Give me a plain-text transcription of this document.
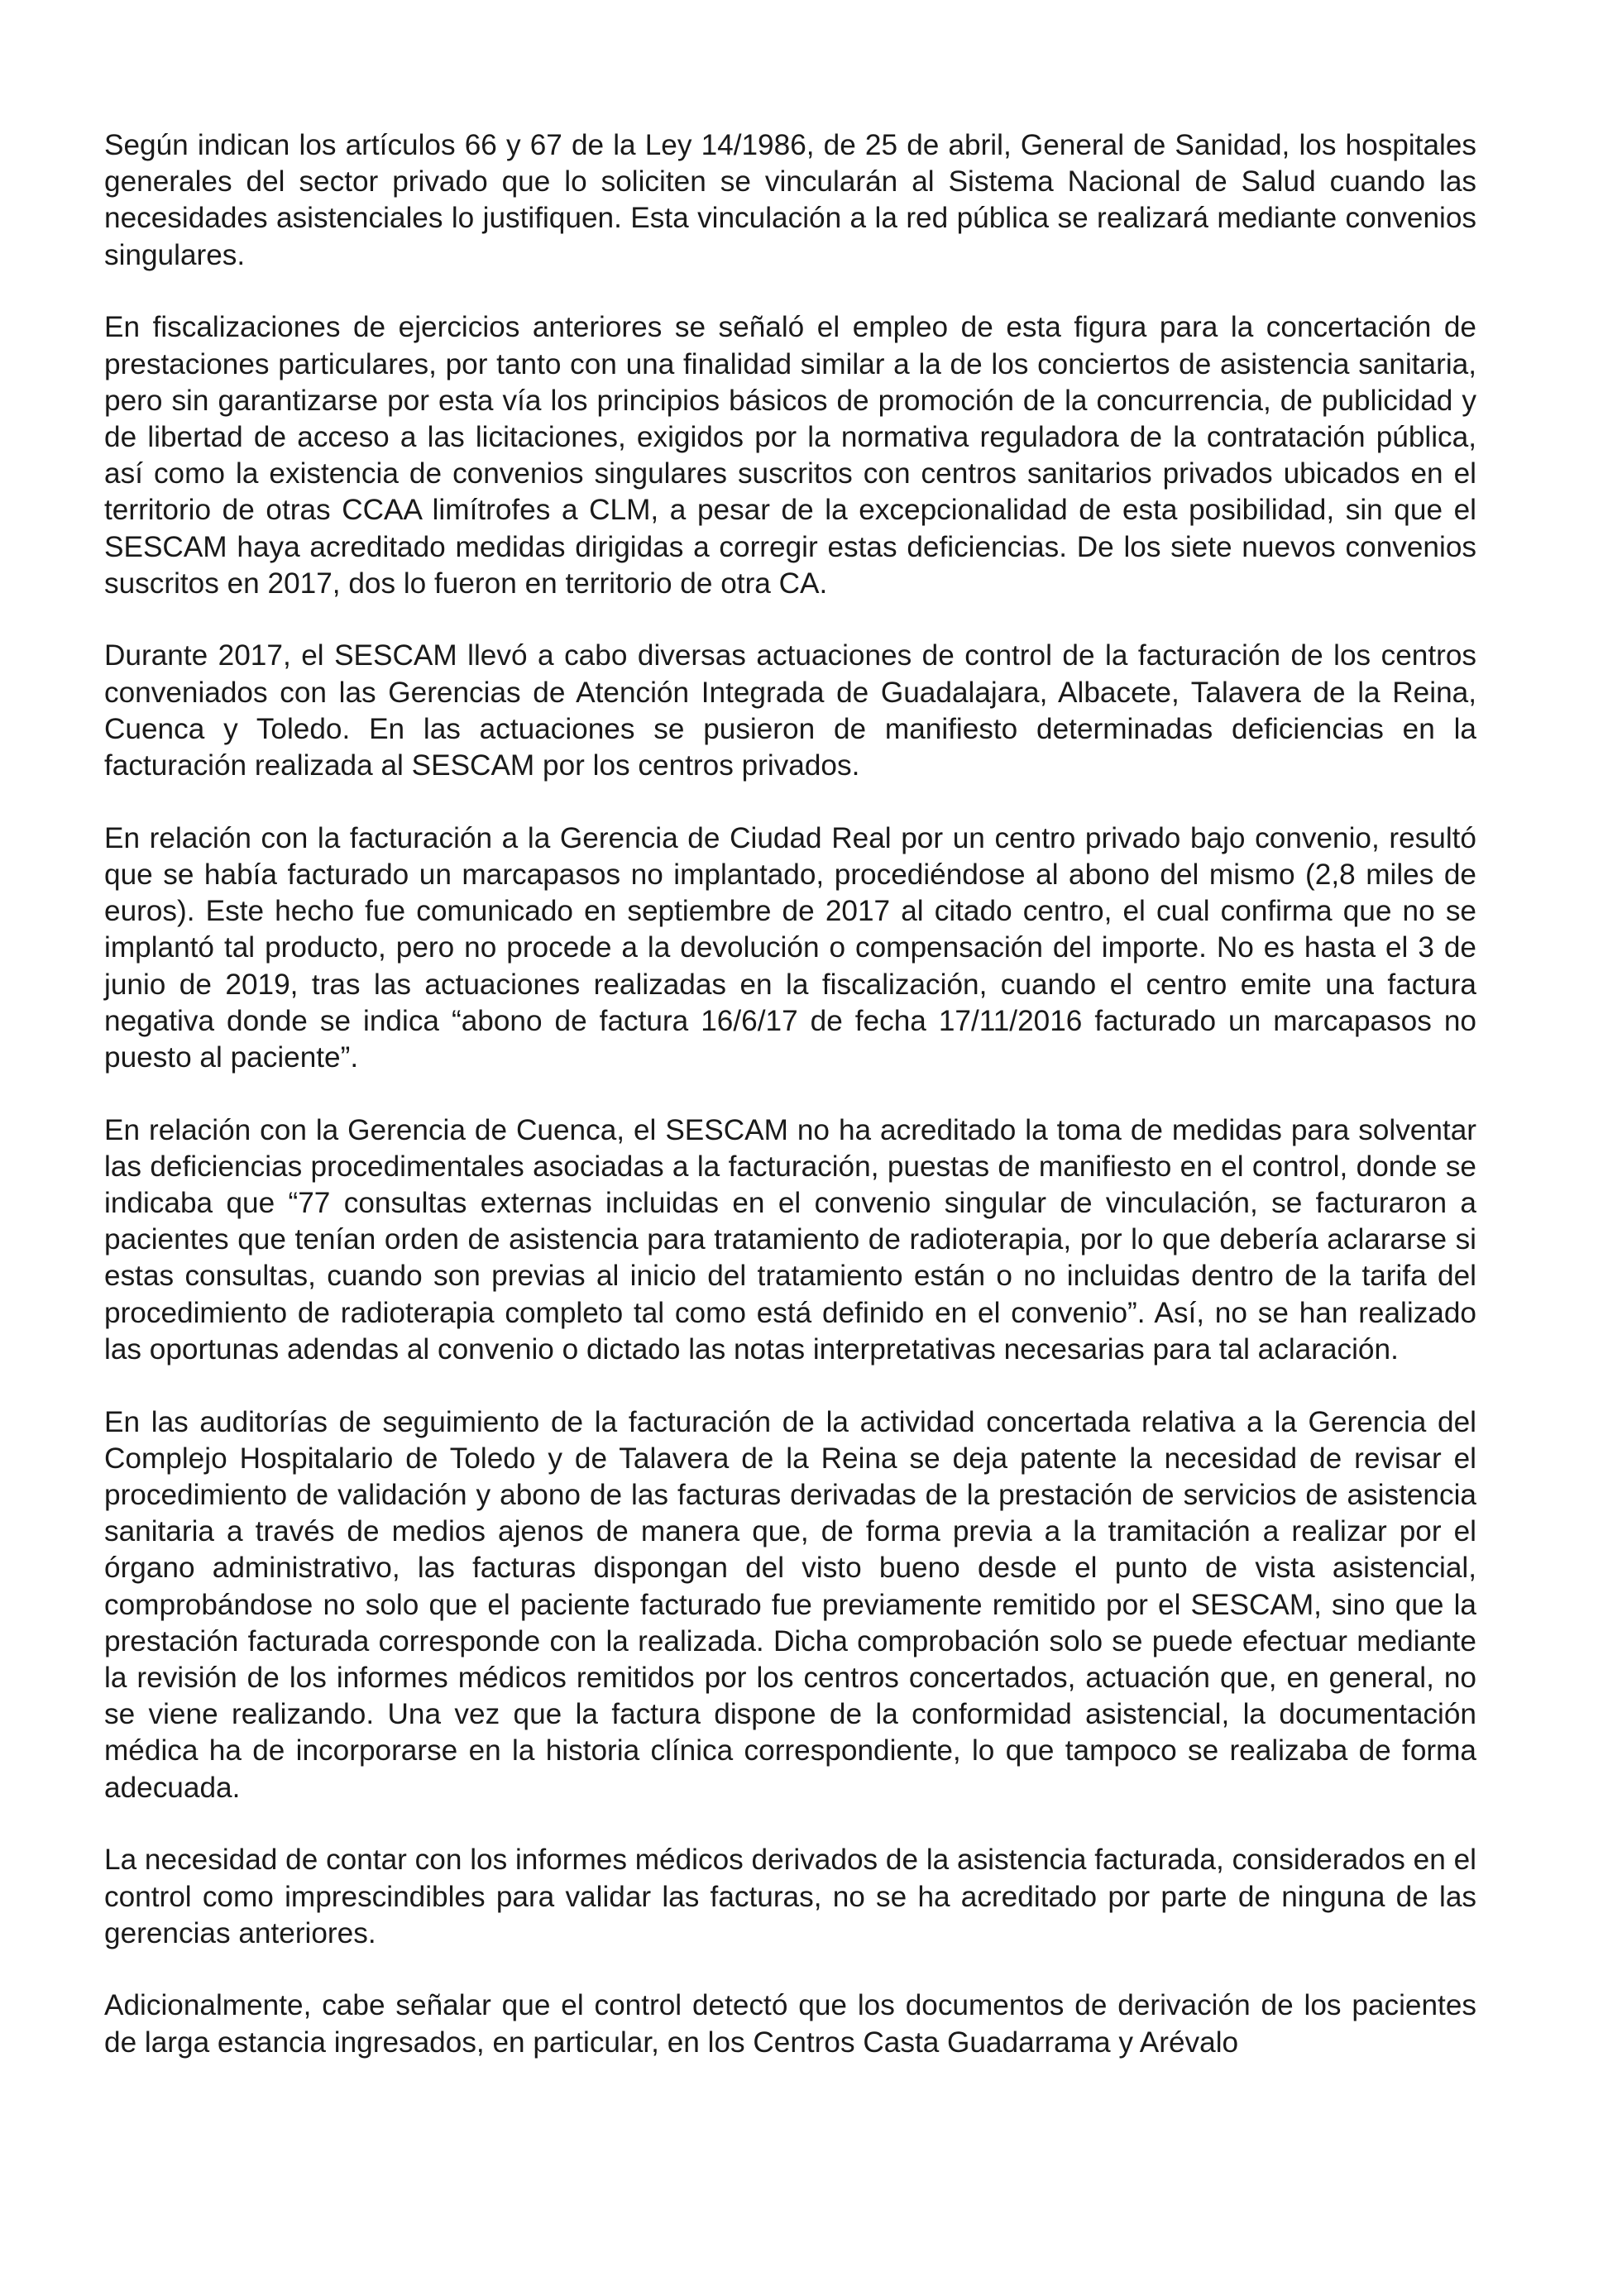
Según indican los artículos 66 y 67 de la Ley 14/1986, de 25 de abril, General de Sanidad, los hospitales generales del sector privado que lo soliciten se vincularán al Sistema Nacional de Salud cuando las necesidades asistenciales lo justifiquen. Esta vinculación a la red pública se realizará mediante convenios singulares.

En fiscalizaciones de ejercicios anteriores se señaló el empleo de esta figura para la concertación de prestaciones particulares, por tanto con una finalidad similar a la de los conciertos de asistencia sanitaria, pero sin garantizarse por esta vía los principios básicos de promoción de la concurrencia, de publicidad y de libertad de acceso a las licitaciones, exigidos por la normativa reguladora de la contratación pública, así como la existencia de convenios singulares suscritos con centros sanitarios privados ubicados en el territorio de otras CCAA limítrofes a CLM, a pesar de la excepcionalidad de esta posibilidad, sin que el SESCAM haya acreditado medidas dirigidas a corregir estas deficiencias. De los siete nuevos convenios suscritos en 2017, dos lo fueron en territorio de otra CA.

Durante 2017, el SESCAM llevó a cabo diversas actuaciones de control de la facturación de los centros conveniados con las Gerencias de Atención Integrada de Guadalajara, Albacete, Talavera de la Reina, Cuenca y Toledo. En las actuaciones se pusieron de manifiesto determinadas deficiencias en la facturación realizada al SESCAM por los centros privados.

En relación con la facturación a la Gerencia de Ciudad Real por un centro privado bajo convenio, resultó que se había facturado un marcapasos no implantado, procediéndose al abono del mismo (2,8 miles de euros). Este hecho fue comunicado en septiembre de 2017 al citado centro, el cual confirma que no se implantó tal producto, pero no procede a la devolución o compensación del importe. No es hasta el 3 de junio de 2019, tras las actuaciones realizadas en la fiscalización, cuando el centro emite una factura negativa donde se indica “abono de factura 16/6/17 de fecha 17/11/2016 facturado un marcapasos no puesto al paciente”.

En relación con la Gerencia de Cuenca, el SESCAM no ha acreditado la toma de medidas para solventar las deficiencias procedimentales asociadas a la facturación, puestas de manifiesto en el control, donde se indicaba que “77 consultas externas incluidas en el convenio singular de vinculación, se facturaron a pacientes que tenían orden de asistencia para tratamiento de radioterapia, por lo que debería aclararse si estas consultas, cuando son previas al inicio del tratamiento están o no incluidas dentro de la tarifa del procedimiento de radioterapia completo tal como está definido en el convenio”. Así, no se han realizado las oportunas adendas al convenio o dictado las notas interpretativas necesarias para tal aclaración.

En las auditorías de seguimiento de la facturación de la actividad concertada relativa a la Gerencia del Complejo Hospitalario de Toledo y de Talavera de la Reina se deja patente la necesidad de revisar el procedimiento de validación y abono de las facturas derivadas de la prestación de servicios de asistencia sanitaria a través de medios ajenos de manera que, de forma previa a la tramitación a realizar por el órgano administrativo, las facturas dispongan del visto bueno desde el punto de vista asistencial, comprobándose no solo que el paciente facturado fue previamente remitido por el SESCAM, sino que la prestación facturada corresponde con la realizada. Dicha comprobación solo se puede efectuar mediante la revisión de los informes médicos remitidos por los centros concertados, actuación que, en general, no se viene realizando. Una vez que la factura dispone de la conformidad asistencial, la documentación médica ha de incorporarse en la historia clínica correspondiente, lo que tampoco se realizaba de forma adecuada.

La necesidad de contar con los informes médicos derivados de la asistencia facturada, considerados en el control como imprescindibles para validar las facturas, no se ha acreditado por parte de ninguna de las gerencias anteriores.

Adicionalmente, cabe señalar que el control detectó que los documentos de derivación de los pacientes de larga estancia ingresados, en particular, en los Centros Casta Guadarrama y Arévalo
